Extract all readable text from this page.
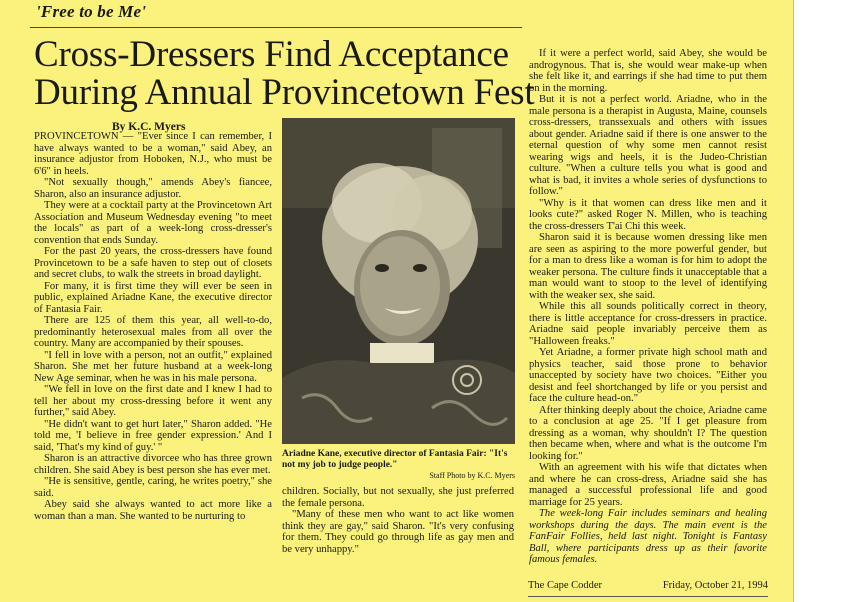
'Free to be Me'
Cross-Dressers Find Acceptance
During Annual Provincetown Fest
By K.C. Myers

PROVINCETOWN — "Ever since I can remember, I have always wanted to be a woman," said Abey, an insurance adjustor from Hoboken, N.J., who must be 6'6" in heels.

"Not sexually though," amends Abey's fiancee, Sharon, also an insurance adjustor.

They were at a cocktail party at the Provincetown Art Association and Museum Wednesday evening "to meet the locals" as part of a week-long cross-dresser's convention that ends Sunday.

For the past 20 years, the cross-dressers have found Provincetown to be a safe haven to step out of closets and secret clubs, to walk the streets in broad daylight.

For many, it is first time they will ever be seen in public, explained Ariadne Kane, the executive director of Fantasia Fair.

There are 125 of them this year, all well-to-do, predominantly heterosexual males from all over the country. Many are accompanied by their spouses.

"I fell in love with a person, not an outfit," explained Sharon. She met her future husband at a week-long New Age seminar, when he was in his male persona.

"We fell in love on the first date and I knew I had to tell her about my cross-dressing before it went any further," said Abey.

"He didn't want to get hurt later," Sharon added. "He told me, 'I believe in free gender expression.' And I said, 'That's my kind of guy.' "

Sharon is an attractive divorcee who has three grown children. She said Abey is best person she has ever met.

"He is sensitive, gentle, caring, he writes poetry," she said.

Abey said she always wanted to act more like a woman than a man. She wanted to be nurturing to

Ariadne Kane, executive director of Fantasia Fair: "It's not my job to judge people."
Staff Photo by K.C. Myers

children. Socially, but not sexually, she just preferred the female persona.

"Many of these men who want to act like women think they are gay," said Sharon. "It's very confusing for them. They could go through life as gay men and be very unhappy."

If it were a perfect world, said Abey, she would be androgynous. That is, she would wear make-up when she felt like it, and earrings if she had time to put them on in the morning.

But it is not a perfect world. Ariadne, who in the male persona is a therapist in Augusta, Maine, counsels cross-dressers, transsexuals and others with issues about gender. Ariadne said if there is one answer to the eternal question of why some men cannot resist wearing wigs and heels, it is the Judeo-Christian culture. "When a culture tells you what is good and what is bad, it invites a whole series of dysfunctions to follow."

"Why is it that women can dress like men and it looks cute?" asked Roger N. Millen, who is teaching the cross-dressers T'ai Chi this week.

Sharon said it is because women dressing like men are seen as aspiring to the more powerful gender, but for a man to dress like a woman is for him to adopt the weaker persona. The culture finds it unacceptable that a man would want to stoop to the level of identifying with the weaker sex, she said.

While this all sounds politically correct in theory, there is little acceptance for cross-dressers in practice. Ariadne said people invariably perceive them as "Halloween freaks."

Yet Ariadne, a former private high school math and physics teacher, said those prone to behavior unaccepted by society have two choices. "Either you desist and feel shortchanged by life or you persist and face the culture head-on."

After thinking deeply about the choice, Ariadne came to a conclusion at age 25. "If I get pleasure from dressing as a woman, why shouldn't I? The question then became when, where and what is the outcome I'm looking for."

With an agreement with his wife that dictates when and where he can cross-dress, Ariadne said she has managed a successful professional life and good marriage for 25 years.

The week-long Fair includes seminars and healing workshops during the days. The main event is the FanFair Follies, held last night. Tonight is Fantasy Ball, where participants dress up as their favorite famous females.

The Cape Codder	Friday, October 21, 1994
